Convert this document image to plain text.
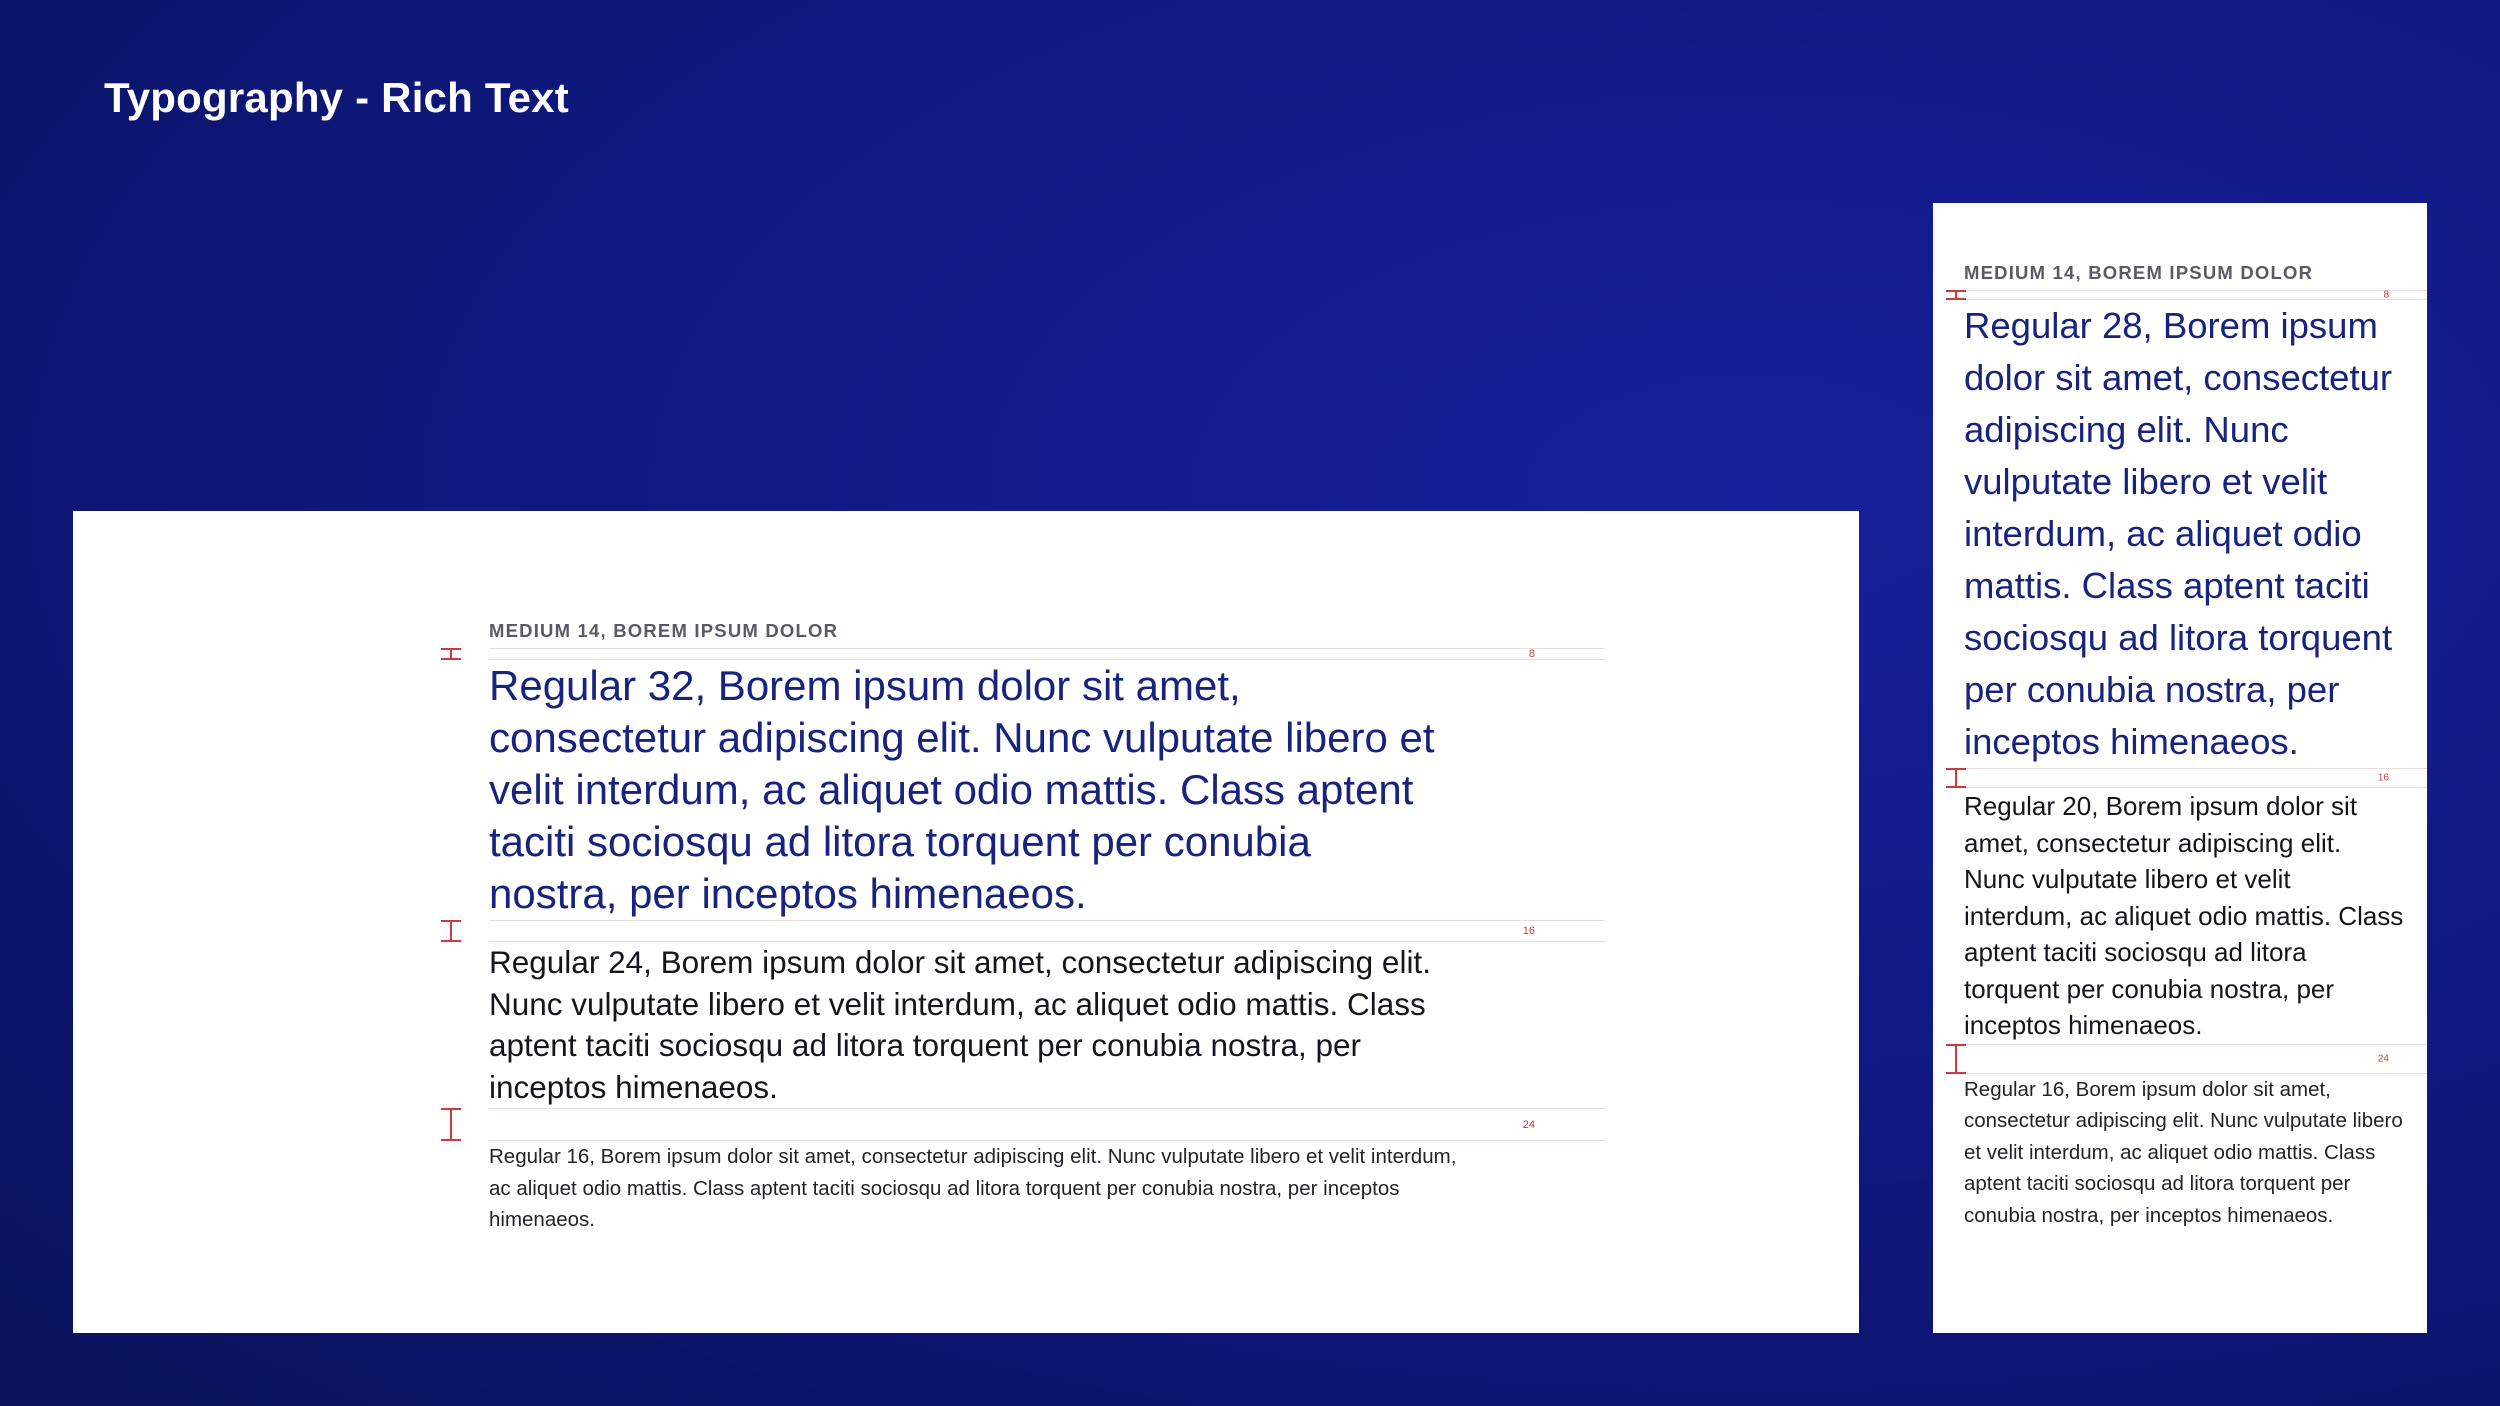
Typography - Rich Text

MEDIUM 14, BOREM IPSUM DOLOR

8

Regular 32, Borem ipsum dolor sit amet, consectetur adipiscing elit. Nunc vulputate libero et velit interdum, ac aliquet odio mattis. Class aptent taciti sociosqu ad litora torquent per conubia nostra, per inceptos himenaeos.

16

Regular 24, Borem ipsum dolor sit amet, consectetur adipiscing elit. Nunc vulputate libero et velit interdum, ac aliquet odio mattis. Class aptent taciti sociosqu ad litora torquent per conubia nostra, per inceptos himenaeos.

24

Regular 16, Borem ipsum dolor sit amet, consectetur adipiscing elit. Nunc vulputate libero et velit interdum, ac aliquet odio mattis. Class aptent taciti sociosqu ad litora torquent per conubia nostra, per inceptos himenaeos.

MEDIUM 14, BOREM IPSUM DOLOR

8

Regular 28, Borem ipsum dolor sit amet, consectetur adipiscing elit. Nunc vulputate libero et velit interdum, ac aliquet odio mattis. Class aptent taciti sociosqu ad litora torquent per conubia nostra, per inceptos himenaeos.

16

Regular 20, Borem ipsum dolor sit amet, consectetur adipiscing elit. Nunc vulputate libero et velit interdum, ac aliquet odio mattis. Class aptent taciti sociosqu ad litora torquent per conubia nostra, per inceptos himenaeos.

24

Regular 16, Borem ipsum dolor sit amet, consectetur adipiscing elit. Nunc vulputate libero et velit interdum, ac aliquet odio mattis. Class aptent taciti sociosqu ad litora torquent per conubia nostra, per inceptos himenaeos.
